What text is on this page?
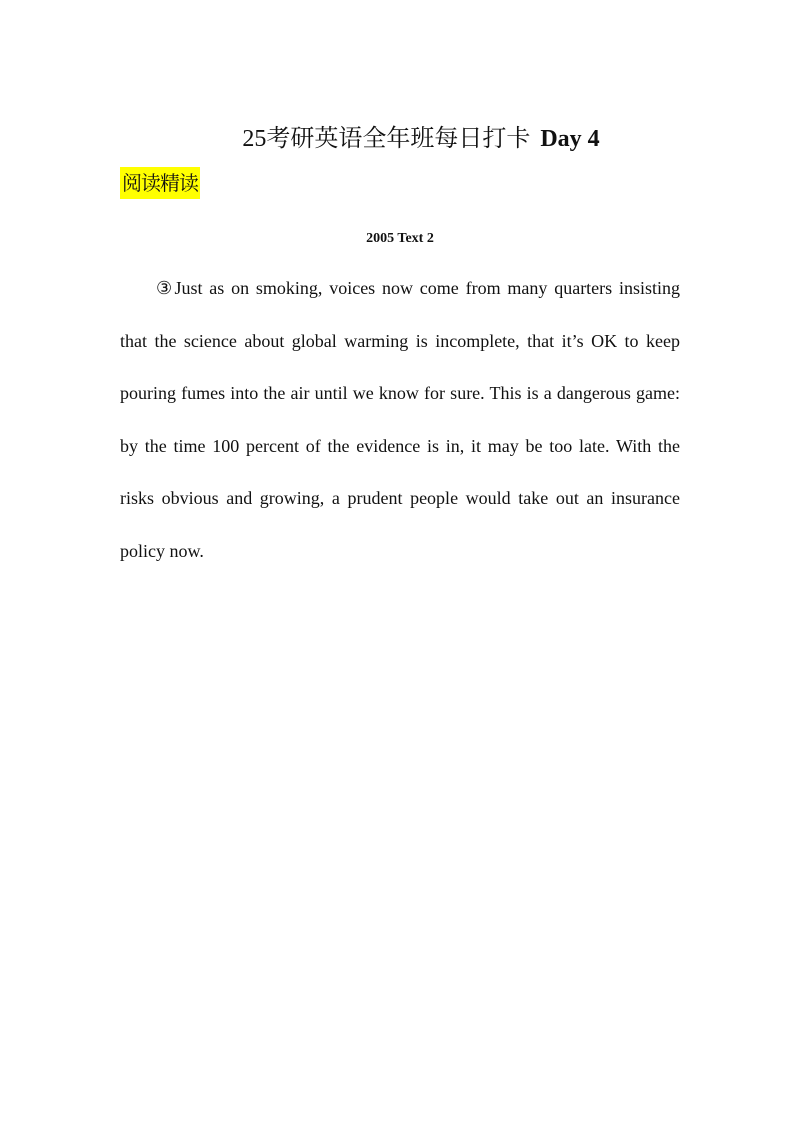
25考研英语全年班每日打卡 Day 4
阅读精读
2005 Text 2

③Just as on smoking, voices now come from many quarters insisting that the science about global warming is incomplete, that it’s OK to keep pouring fumes into the air until we know for sure. This is a dangerous game: by the time 100 percent of the evidence is in, it may be too late. With the risks obvious and growing, a prudent people would take out an insurance policy now.
